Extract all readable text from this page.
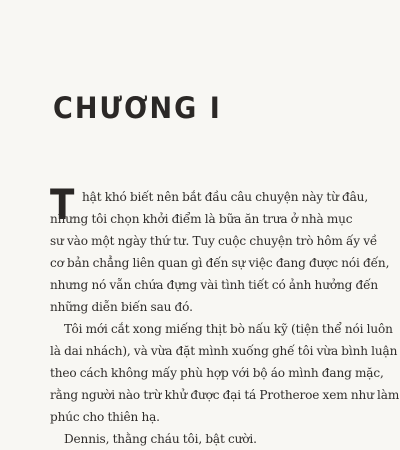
CHƯƠNG I
T hật khó biết nên bắt đầu câu chuyện này từ đâu,
nhưng tôi chọn khởi điểm là bữa ăn trưa ở nhà mục
sư vào một ngày thứ tư. Tuy cuộc chuyện trò hôm ấy về
cơ bản chẳng liên quan gì đến sự việc đang được nói đến,
nhưng nó vẫn chứa đựng vài tình tiết có ảnh hưởng đến
những diễn biến sau đó.

Tôi mới cắt xong miếng thịt bò nấu kỹ (tiện thể nói luôn
là dai nhách), và vừa đặt mình xuống ghế tôi vừa bình luận
theo cách không mấy phù hợp với bộ áo mình đang mặc,
rằng người nào trừ khử được đại tá Protheroe xem như làm
phúc cho thiên hạ.
Dennis, thằng cháu tôi, bật cười.
